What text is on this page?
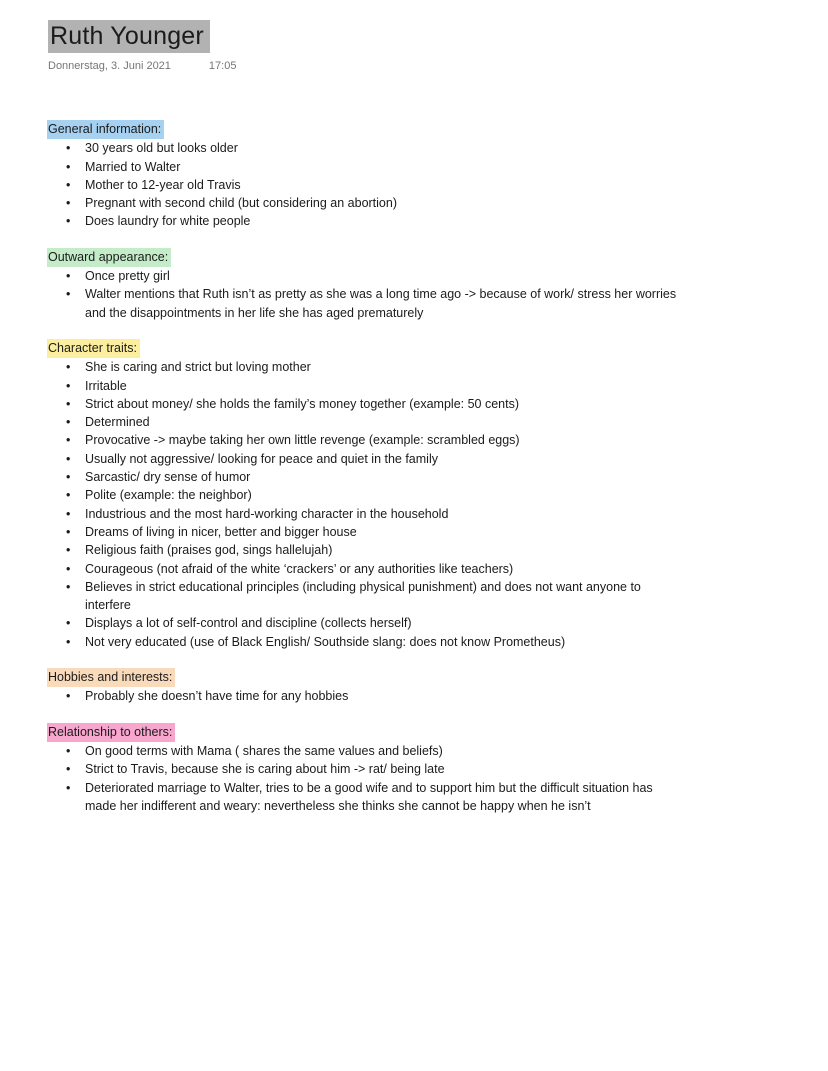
Ruth Younger
Donnerstag, 3. Juni 2021	17:05
General information:
• 30 years old but looks older
• Married to Walter
• Mother to 12-year old Travis
• Pregnant with second child (but considering an abortion)
• Does laundry for white people
Outward appearance:
• Once pretty girl
• Walter mentions that Ruth isn’t as pretty as she was a long time ago -> because of work/ stress her worries and the disappointments in her life she has aged prematurely
Character traits:
• She is caring and strict but loving mother
• Irritable
• Strict about money/ she holds the family’s money together (example: 50 cents)
• Determined
• Provocative -> maybe taking her own little revenge (example: scrambled eggs)
• Usually not aggressive/ looking for peace and quiet in the family
• Sarcastic/ dry sense of humor
• Polite (example: the neighbor)
• Industrious and the most hard-working character in the household
• Dreams of living in nicer, better and bigger house
• Religious faith (praises god, sings hallelujah)
• Courageous (not afraid of the white ‘crackers’ or any authorities like teachers)
• Believes in strict educational principles (including physical punishment) and does not want anyone to interfere
• Displays a lot of self-control and discipline (collects herself)
• Not very educated (use of Black English/ Southside slang: does not know Prometheus)
Hobbies and interests:
• Probably she doesn’t have time for any hobbies
Relationship to others:
• On good terms with Mama ( shares the same values and beliefs)
• Strict to Travis, because she is caring about him -> rat/ being late
• Deteriorated marriage to Walter, tries to be a good wife and to support him but the difficult situation has made her indifferent and weary: nevertheless she thinks she cannot be happy when he isn’t
